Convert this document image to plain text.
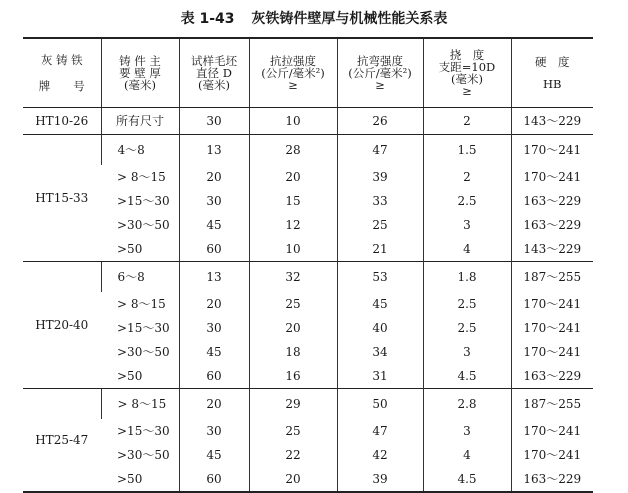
表 1-43 灰铁铸件壁厚与机械性能关系表
灰 铸 铁
牌　　号	铸 件 主
要 壁 厚
(毫米)	试样毛坯
直径 D
(毫米)	抗拉强度
(公斤/毫米²)
≥	抗弯强度
(公斤/毫米²)
≥	挠　度
支距=10D
(毫米)
≥	硬　度
HB

HT10-26	所有尺寸	30	10	26	2	143～229
HT15-33	4～8	13	28	47	1.5	170～241
	> 8～15	20	20	39	2	170～241
	>15～30	30	15	33	2.5	163～229
	>30～50	45	12	25	3	163～229
	>50	60	10	21	4	143～229
HT20-40	6～8	13	32	53	1.8	187～255
	> 8～15	20	25	45	2.5	170～241
	>15～30	30	20	40	2.5	170～241
	>30～50	45	18	34	3	170～241
	>50	60	16	31	4.5	163～229
HT25-47	> 8～15	20	29	50	2.8	187～255
	>15～30	30	25	47	3	170～241
	>30～50	45	22	42	4	170～241
	>50	60	20	39	4.5	163～229
